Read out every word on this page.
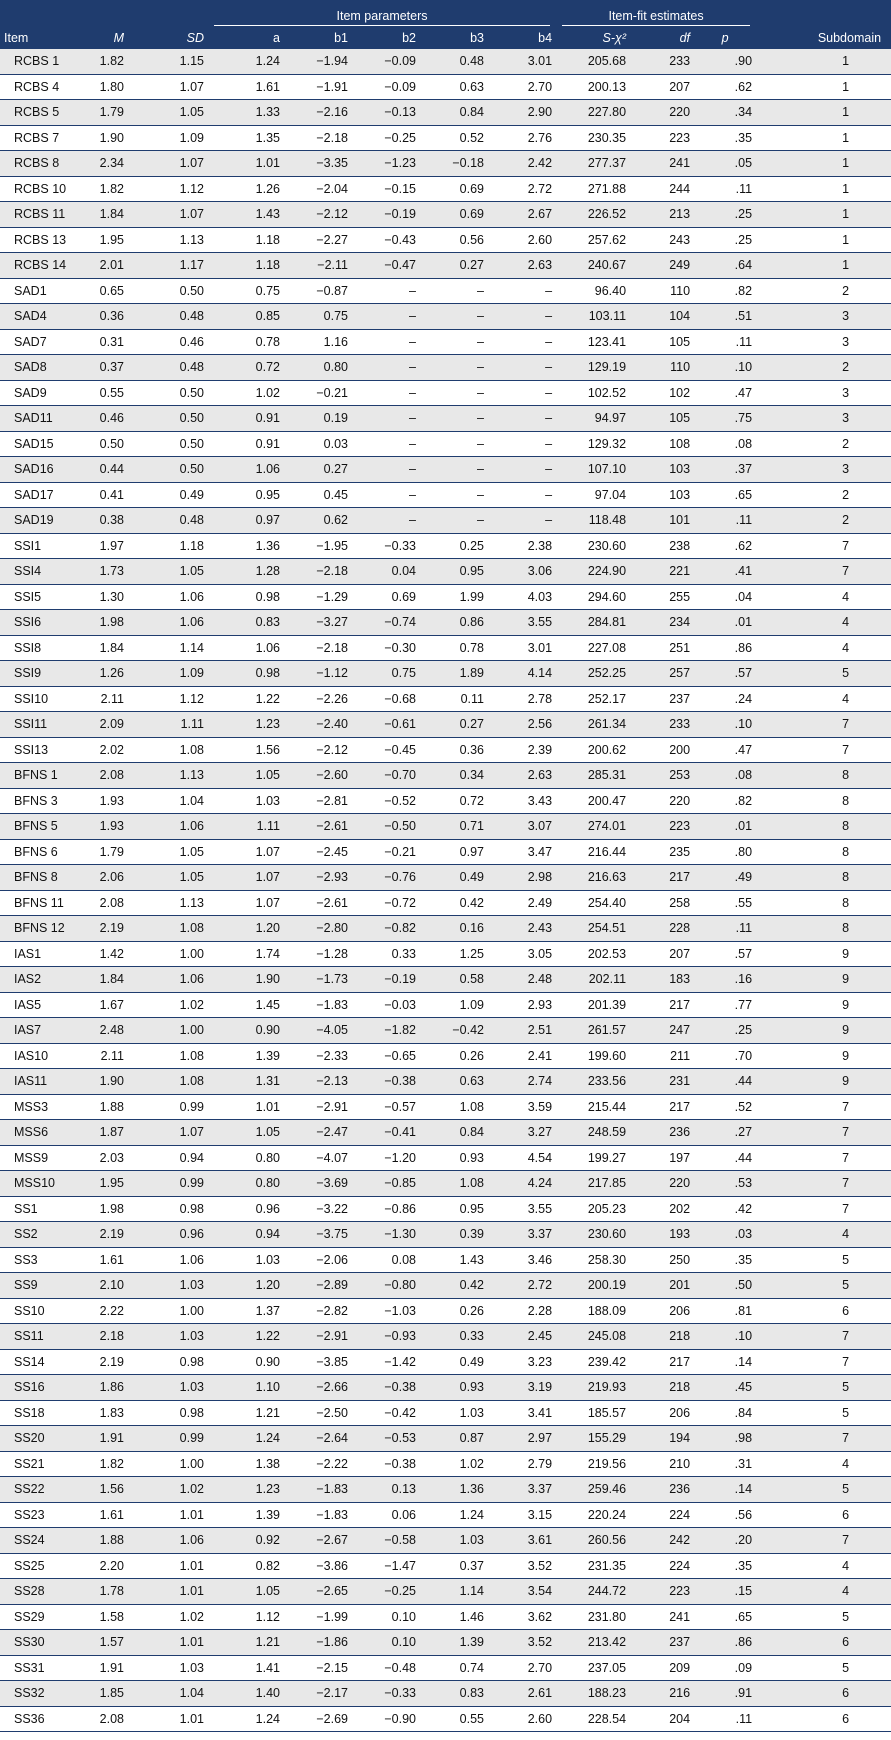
			Item parameters					Item-fit estimates			

Item	M	SD	a	b1	b2	b3	b4	S-χ²	df	p	Subdomain
RCBS 1	1.82	1.15	1.24	−1.94	−0.09	0.48	3.01	205.68	233	.90	1
RCBS 4	1.80	1.07	1.61	−1.91	−0.09	0.63	2.70	200.13	207	.62	1
RCBS 5	1.79	1.05	1.33	−2.16	−0.13	0.84	2.90	227.80	220	.34	1
RCBS 7	1.90	1.09	1.35	−2.18	−0.25	0.52	2.76	230.35	223	.35	1
RCBS 8	2.34	1.07	1.01	−3.35	−1.23	−0.18	2.42	277.37	241	.05	1
RCBS 10	1.82	1.12	1.26	−2.04	−0.15	0.69	2.72	271.88	244	.11	1
RCBS 11	1.84	1.07	1.43	−2.12	−0.19	0.69	2.67	226.52	213	.25	1
RCBS 13	1.95	1.13	1.18	−2.27	−0.43	0.56	2.60	257.62	243	.25	1
RCBS 14	2.01	1.17	1.18	−2.11	−0.47	0.27	2.63	240.67	249	.64	1
SAD1	0.65	0.50	0.75	−0.87	–	–	–	96.40	110	.82	2
SAD4	0.36	0.48	0.85	0.75	–	–	–	103.11	104	.51	3
SAD7	0.31	0.46	0.78	1.16	–	–	–	123.41	105	.11	3
SAD8	0.37	0.48	0.72	0.80	–	–	–	129.19	110	.10	2
SAD9	0.55	0.50	1.02	−0.21	–	–	–	102.52	102	.47	3
SAD11	0.46	0.50	0.91	0.19	–	–	–	94.97	105	.75	3
SAD15	0.50	0.50	0.91	0.03	–	–	–	129.32	108	.08	2
SAD16	0.44	0.50	1.06	0.27	–	–	–	107.10	103	.37	3
SAD17	0.41	0.49	0.95	0.45	–	–	–	97.04	103	.65	2
SAD19	0.38	0.48	0.97	0.62	–	–	–	118.48	101	.11	2
SSI1	1.97	1.18	1.36	−1.95	−0.33	0.25	2.38	230.60	238	.62	7
SSI4	1.73	1.05	1.28	−2.18	0.04	0.95	3.06	224.90	221	.41	7
SSI5	1.30	1.06	0.98	−1.29	0.69	1.99	4.03	294.60	255	.04	4
SSI6	1.98	1.06	0.83	−3.27	−0.74	0.86	3.55	284.81	234	.01	4
SSI8	1.84	1.14	1.06	−2.18	−0.30	0.78	3.01	227.08	251	.86	4
SSI9	1.26	1.09	0.98	−1.12	0.75	1.89	4.14	252.25	257	.57	5
SSI10	2.11	1.12	1.22	−2.26	−0.68	0.11	2.78	252.17	237	.24	4
SSI11	2.09	1.11	1.23	−2.40	−0.61	0.27	2.56	261.34	233	.10	7
SSI13	2.02	1.08	1.56	−2.12	−0.45	0.36	2.39	200.62	200	.47	7
BFNS 1	2.08	1.13	1.05	−2.60	−0.70	0.34	2.63	285.31	253	.08	8
BFNS 3	1.93	1.04	1.03	−2.81	−0.52	0.72	3.43	200.47	220	.82	8
BFNS 5	1.93	1.06	1.11	−2.61	−0.50	0.71	3.07	274.01	223	.01	8
BFNS 6	1.79	1.05	1.07	−2.45	−0.21	0.97	3.47	216.44	235	.80	8
BFNS 8	2.06	1.05	1.07	−2.93	−0.76	0.49	2.98	216.63	217	.49	8
BFNS 11	2.08	1.13	1.07	−2.61	−0.72	0.42	2.49	254.40	258	.55	8
BFNS 12	2.19	1.08	1.20	−2.80	−0.82	0.16	2.43	254.51	228	.11	8
IAS1	1.42	1.00	1.74	−1.28	0.33	1.25	3.05	202.53	207	.57	9
IAS2	1.84	1.06	1.90	−1.73	−0.19	0.58	2.48	202.11	183	.16	9
IAS5	1.67	1.02	1.45	−1.83	−0.03	1.09	2.93	201.39	217	.77	9
IAS7	2.48	1.00	0.90	−4.05	−1.82	−0.42	2.51	261.57	247	.25	9
IAS10	2.11	1.08	1.39	−2.33	−0.65	0.26	2.41	199.60	211	.70	9
IAS11	1.90	1.08	1.31	−2.13	−0.38	0.63	2.74	233.56	231	.44	9
MSS3	1.88	0.99	1.01	−2.91	−0.57	1.08	3.59	215.44	217	.52	7
MSS6	1.87	1.07	1.05	−2.47	−0.41	0.84	3.27	248.59	236	.27	7
MSS9	2.03	0.94	0.80	−4.07	−1.20	0.93	4.54	199.27	197	.44	7
MSS10	1.95	0.99	0.80	−3.69	−0.85	1.08	4.24	217.85	220	.53	7
SS1	1.98	0.98	0.96	−3.22	−0.86	0.95	3.55	205.23	202	.42	7
SS2	2.19	0.96	0.94	−3.75	−1.30	0.39	3.37	230.60	193	.03	4
SS3	1.61	1.06	1.03	−2.06	0.08	1.43	3.46	258.30	250	.35	5
SS9	2.10	1.03	1.20	−2.89	−0.80	0.42	2.72	200.19	201	.50	5
SS10	2.22	1.00	1.37	−2.82	−1.03	0.26	2.28	188.09	206	.81	6
SS11	2.18	1.03	1.22	−2.91	−0.93	0.33	2.45	245.08	218	.10	7
SS14	2.19	0.98	0.90	−3.85	−1.42	0.49	3.23	239.42	217	.14	7
SS16	1.86	1.03	1.10	−2.66	−0.38	0.93	3.19	219.93	218	.45	5
SS18	1.83	0.98	1.21	−2.50	−0.42	1.03	3.41	185.57	206	.84	5
SS20	1.91	0.99	1.24	−2.64	−0.53	0.87	2.97	155.29	194	.98	7
SS21	1.82	1.00	1.38	−2.22	−0.38	1.02	2.79	219.56	210	.31	4
SS22	1.56	1.02	1.23	−1.83	0.13	1.36	3.37	259.46	236	.14	5
SS23	1.61	1.01	1.39	−1.83	0.06	1.24	3.15	220.24	224	.56	6
SS24	1.88	1.06	0.92	−2.67	−0.58	1.03	3.61	260.56	242	.20	7
SS25	2.20	1.01	0.82	−3.86	−1.47	0.37	3.52	231.35	224	.35	4
SS28	1.78	1.01	1.05	−2.65	−0.25	1.14	3.54	244.72	223	.15	4
SS29	1.58	1.02	1.12	−1.99	0.10	1.46	3.62	231.80	241	.65	5
SS30	1.57	1.01	1.21	−1.86	0.10	1.39	3.52	213.42	237	.86	6
SS31	1.91	1.03	1.41	−2.15	−0.48	0.74	2.70	237.05	209	.09	5
SS32	1.85	1.04	1.40	−2.17	−0.33	0.83	2.61	188.23	216	.91	6
SS36	2.08	1.01	1.24	−2.69	−0.90	0.55	2.60	228.54	204	.11	6
